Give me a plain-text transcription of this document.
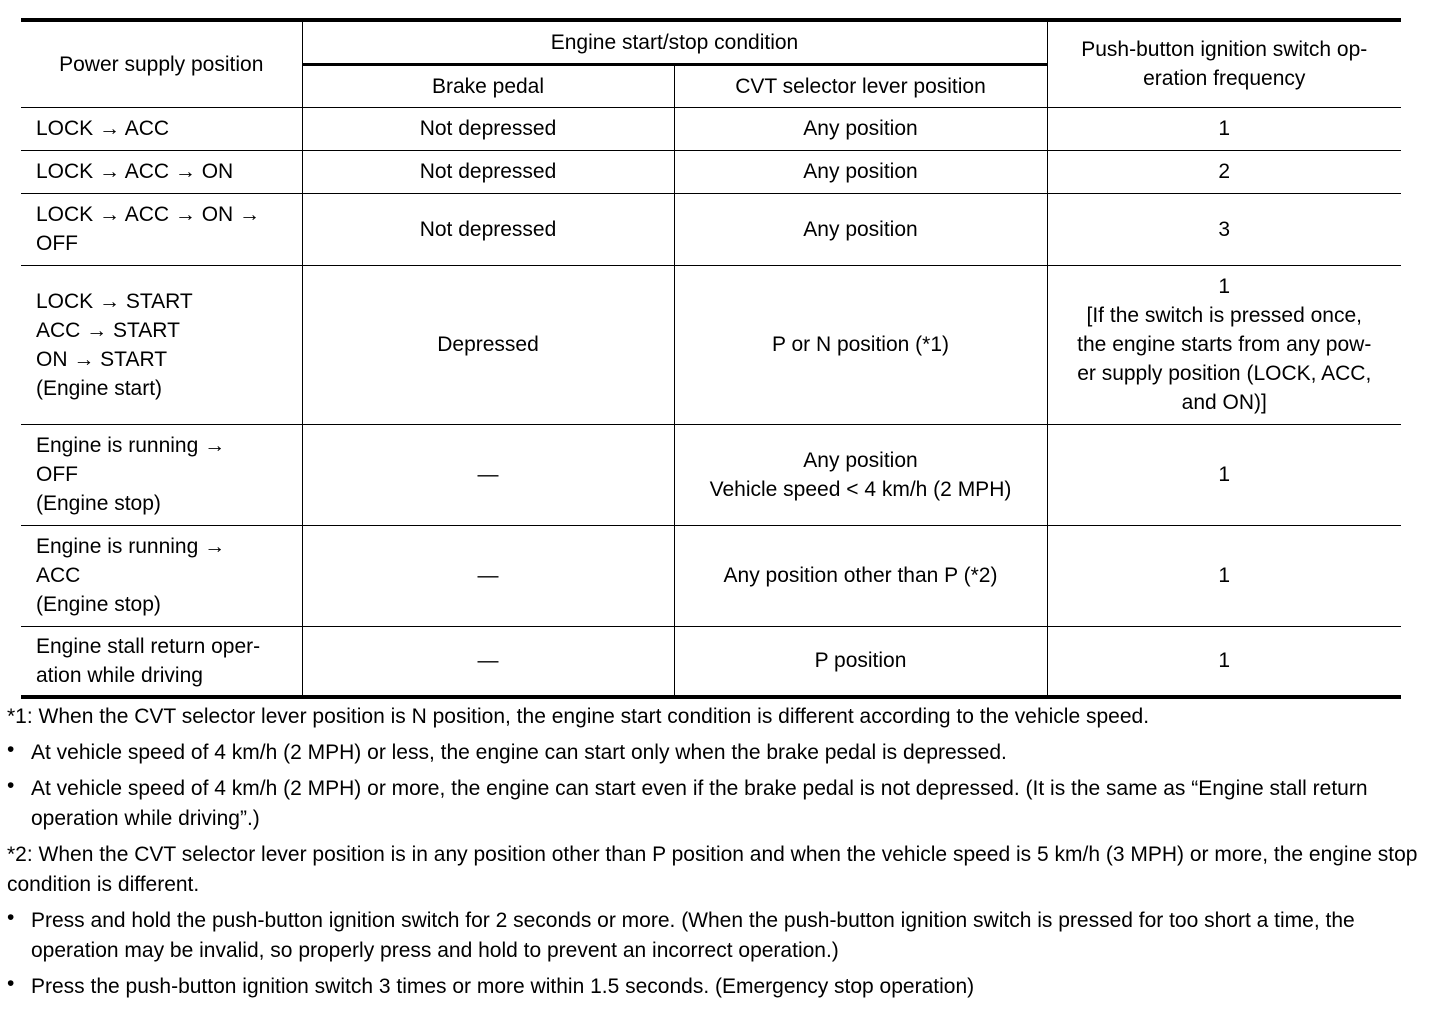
Power supply position	Engine start/stop condition		Push-button ignition switch op-
eration frequency

	Brake pedal	CVT selector lever position	

LOCK → ACC	Not depressed	Any position	1

LOCK → ACC → ON	Not depressed	Any position	2

LOCK → ACC → ON →
OFF	Not depressed	Any position	3

LOCK → START
ACC → START
ON → START
(Engine start)	Depressed	P or N position (*1)	1
[If the switch is pressed once,
the engine starts from any pow-
er supply position (LOCK, ACC,
and ON)]

Engine is running →
OFF
(Engine stop)	—	Any position
Vehicle speed < 4 km/h (2 MPH)	1

Engine is running →
ACC
(Engine stop)	—	Any position other than P (*2)	1

Engine stall return oper-
ation while driving	—	P position	1

*1: When the CVT selector lever position is N position, the engine start condition is different according to the vehicle speed.

• At vehicle speed of 4 km/h (2 MPH) or less, the engine can start only when the brake pedal is depressed.

• At vehicle speed of 4 km/h (2 MPH) or more, the engine can start even if the brake pedal is not depressed. (It is the same as “Engine stall return operation while driving”.)

*2: When the CVT selector lever position is in any position other than P position and when the vehicle speed is 5 km/h (3 MPH) or more, the engine stop condition is different.

• Press and hold the push-button ignition switch for 2 seconds or more. (When the push-button ignition switch is pressed for too short a time, the operation may be invalid, so properly press and hold to prevent an incorrect operation.)

• Press the push-button ignition switch 3 times or more within 1.5 seconds. (Emergency stop operation)
